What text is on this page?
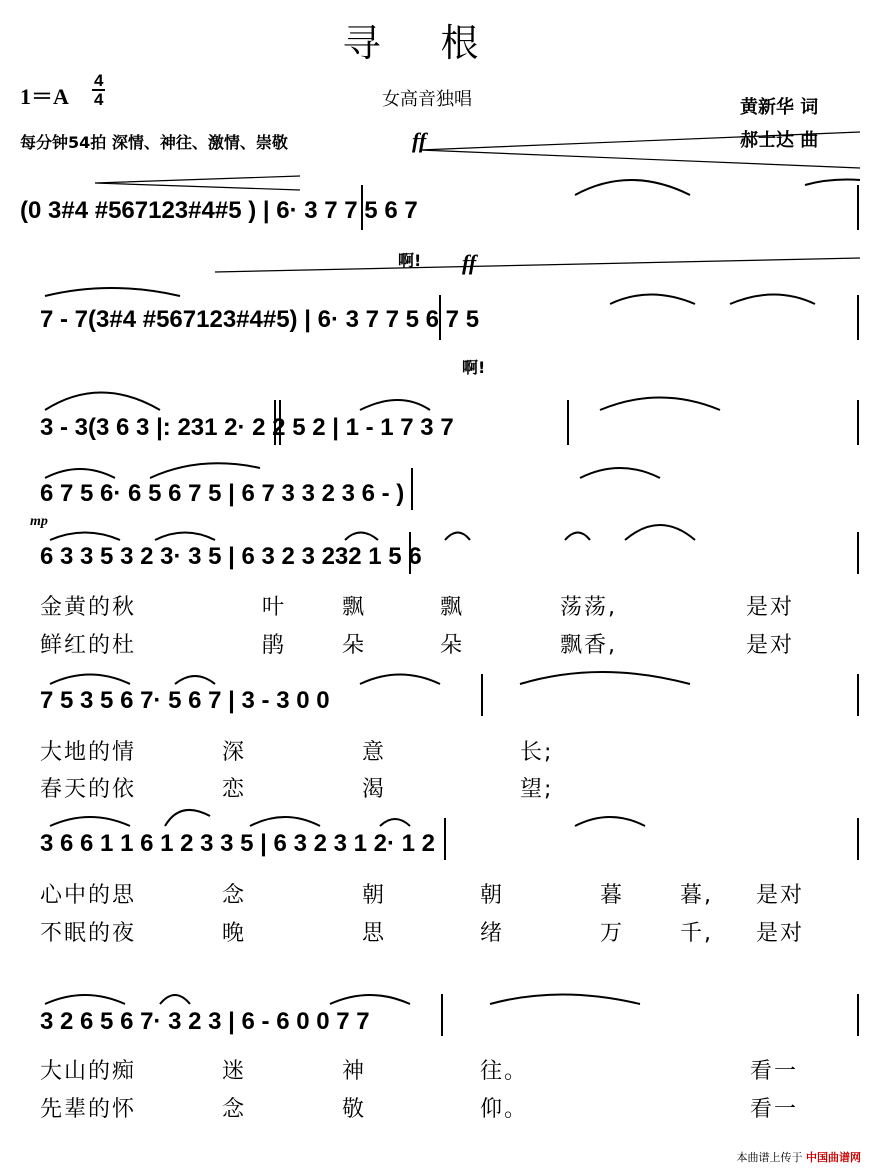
寻根
1＝A
4
4	女高音独唱	黄新华 词
郝士达 曲
每分钟54拍 深情、神往、激情、崇敬	ff
ff
mp
啊!
啊!
(0 3#4 #567123#4#5 ) | 6· 3 7 7 5 6 7
7 - 7(3#4 #567123#4#5) | 6· 3 7 7 5 6 7 5
3 - 3(3 6 3 |: 231 2· 2 2 5 2 | 1 - 1 7 3 7
6 7 5 6· 6 5 6 7 5 | 6 7 3 3 2 3 6 - )
6 3 3 5 3 2 3· 3 5 | 6 3 2 3 232 1 5 6
7 5 3 5 6 7· 5 6 7 | 3 - 3 0 0
3 6 6 1 1 6 1 2 3 3 5 | 6 3 2 3 1 2· 1 2
3 2 6 5 6 7· 3 2 3 | 6 - 6 0 0 7 7
金黄的秋	叶	飘	飘	荡荡,	是对
鲜红的杜	鹃	朵	朵	飘香,	是对
大地的情	深	意	长;
春天的依	恋	渴	望;
心中的思	念	朝	朝	暮	暮, 是对
不眠的夜	晚	思	绪	万	千, 是对
大山的痴	迷	神	往。	看一
先辈的怀	念	敬	仰。	看一
本曲谱上传于 中国曲谱网
